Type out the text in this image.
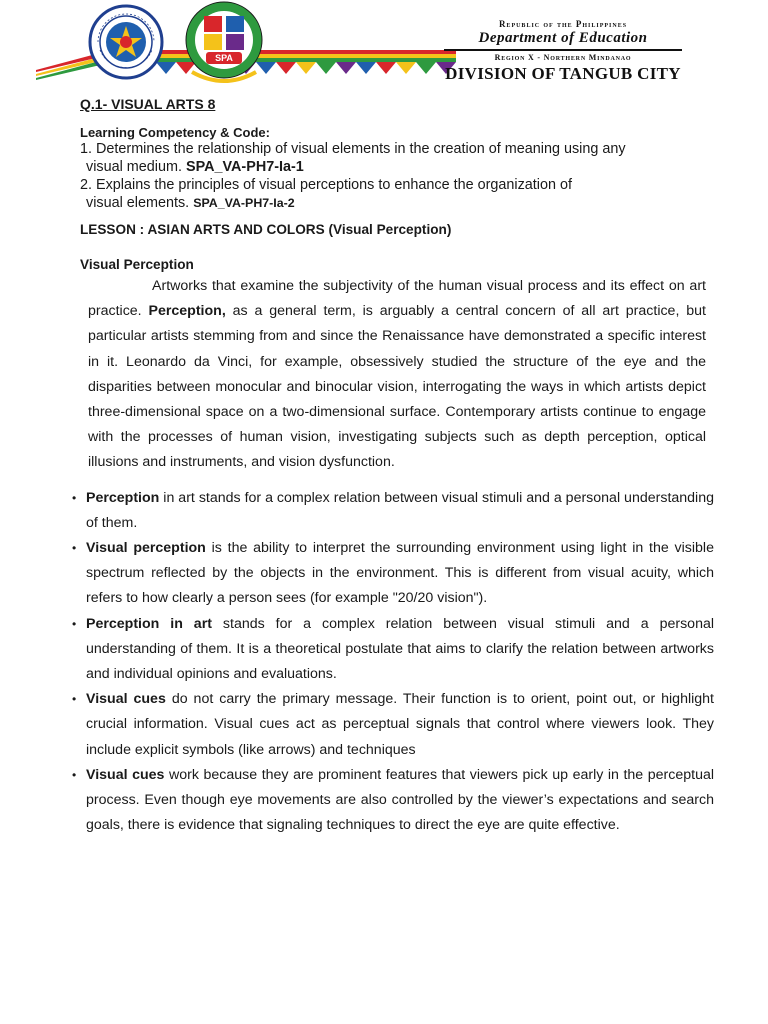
SPA
Republic of the Philippines
Department of Education
Region X - Northern Mindanao
DIVISION OF TANGUB CITY

Q.1- VISUAL ARTS 8

Learning Competency & Code:

1. Determines the relationship of visual elements in the creation of meaning using any
visual medium. SPA_VA-PH7-Ia-1

2. Explains the principles of visual perceptions to enhance the organization of
visual elements. SPA_VA-PH7-Ia-2

LESSON : ASIAN ARTS AND COLORS (Visual Perception)

Visual Perception

Artworks that examine the subjectivity of the human visual process and its effect on art practice. Perception, as a general term, is arguably a central concern of all art practice, but particular artists stemming from and since the Renaissance have demonstrated a specific interest in it. Leonardo da Vinci, for example, obsessively studied the structure of the eye and the disparities between monocular and binocular vision, interrogating the ways in which artists depict three-dimensional space on a two-dimensional surface. Contemporary artists continue to engage with the processes of human vision, investigating subjects such as depth perception, optical illusions and instruments, and vision dysfunction.

• Perception in art stands for a complex relation between visual stimuli and a personal understanding of them.
• Visual perception is the ability to interpret the surrounding environment using light in the visible spectrum reflected by the objects in the environment. This is different from visual acuity, which refers to how clearly a person sees (for example "20/20 vision").
• Perception in art stands for a complex relation between visual stimuli and a personal understanding of them. It is a theoretical postulate that aims to clarify the relation between artworks and individual opinions and evaluations.
• Visual cues do not carry the primary message. Their function is to orient, point out, or highlight crucial information. Visual cues act as perceptual signals that control where viewers look. They include explicit symbols (like arrows) and techniques
• Visual cues work because they are prominent features that viewers pick up early in the perceptual process. Even though eye movements are also controlled by the viewer’s expectations and search goals, there is evidence that signaling techniques to direct the eye are quite effective.
